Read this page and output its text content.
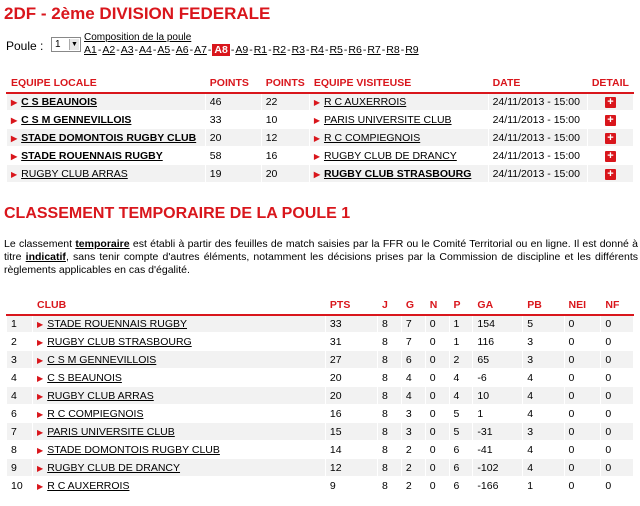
2DF - 2ème DIVISION FEDERALE
Poule :	1 ▼
Composition de la poule
A1-A2-A3-A4-A5-A6-A7- A8 -A9-R1-R2-R3-R4-R5-R6-R7-R8-R9
EQUIPE LOCALE	POINTS	POINTS	EQUIPE VISITEUSE	DATE	DETAIL
▶ C S BEAUNOIS	46	22	▶ R C AUXERROIS	24/11/2013 - 15:00	+
▶ C S M GENNEVILLOIS	33	10	▶ PARIS UNIVERSITE CLUB	24/11/2013 - 15:00	+
▶ STADE DOMONTOIS RUGBY CLUB	20	12	▶ R C COMPIEGNOIS	24/11/2013 - 15:00	+
▶ STADE ROUENNAIS RUGBY	58	16	▶ RUGBY CLUB DE DRANCY	24/11/2013 - 15:00	+
▶ RUGBY CLUB ARRAS	19	20	▶ RUGBY CLUB STRASBOURG	24/11/2013 - 15:00	+
CLASSEMENT TEMPORAIRE DE LA POULE 1
Le classement temporaire est établi à partir des feuilles de match saisies par la FFR ou le Comité Territorial ou en ligne. Il est donné à titre indicatif, sans tenir compte d'autres éléments, notamment les décisions prises par la Commission de discipline et les différents règlements applicables en cas d'égalité.
	CLUB	PTS	J	G	N	P	GA	PB	NEI	NF
1	▶ STADE ROUENNAIS RUGBY	33	8	7	0	1	154	5	0	0
2	▶ RUGBY CLUB STRASBOURG	31	8	7	0	1	116	3	0	0
3	▶ C S M GENNEVILLOIS	27	8	6	0	2	65	3	0	0
4	▶ C S BEAUNOIS	20	8	4	0	4	-6	4	0	0
4	▶ RUGBY CLUB ARRAS	20	8	4	0	4	10	4	0	0
6	▶ R C COMPIEGNOIS	16	8	3	0	5	1	4	0	0
7	▶ PARIS UNIVERSITE CLUB	15	8	3	0	5	-31	3	0	0
8	▶ STADE DOMONTOIS RUGBY CLUB	14	8	2	0	6	-41	4	0	0
9	▶ RUGBY CLUB DE DRANCY	12	8	2	0	6	-102	4	0	0
10	▶ R C AUXERROIS	9	8	2	0	6	-166	1	0	0
